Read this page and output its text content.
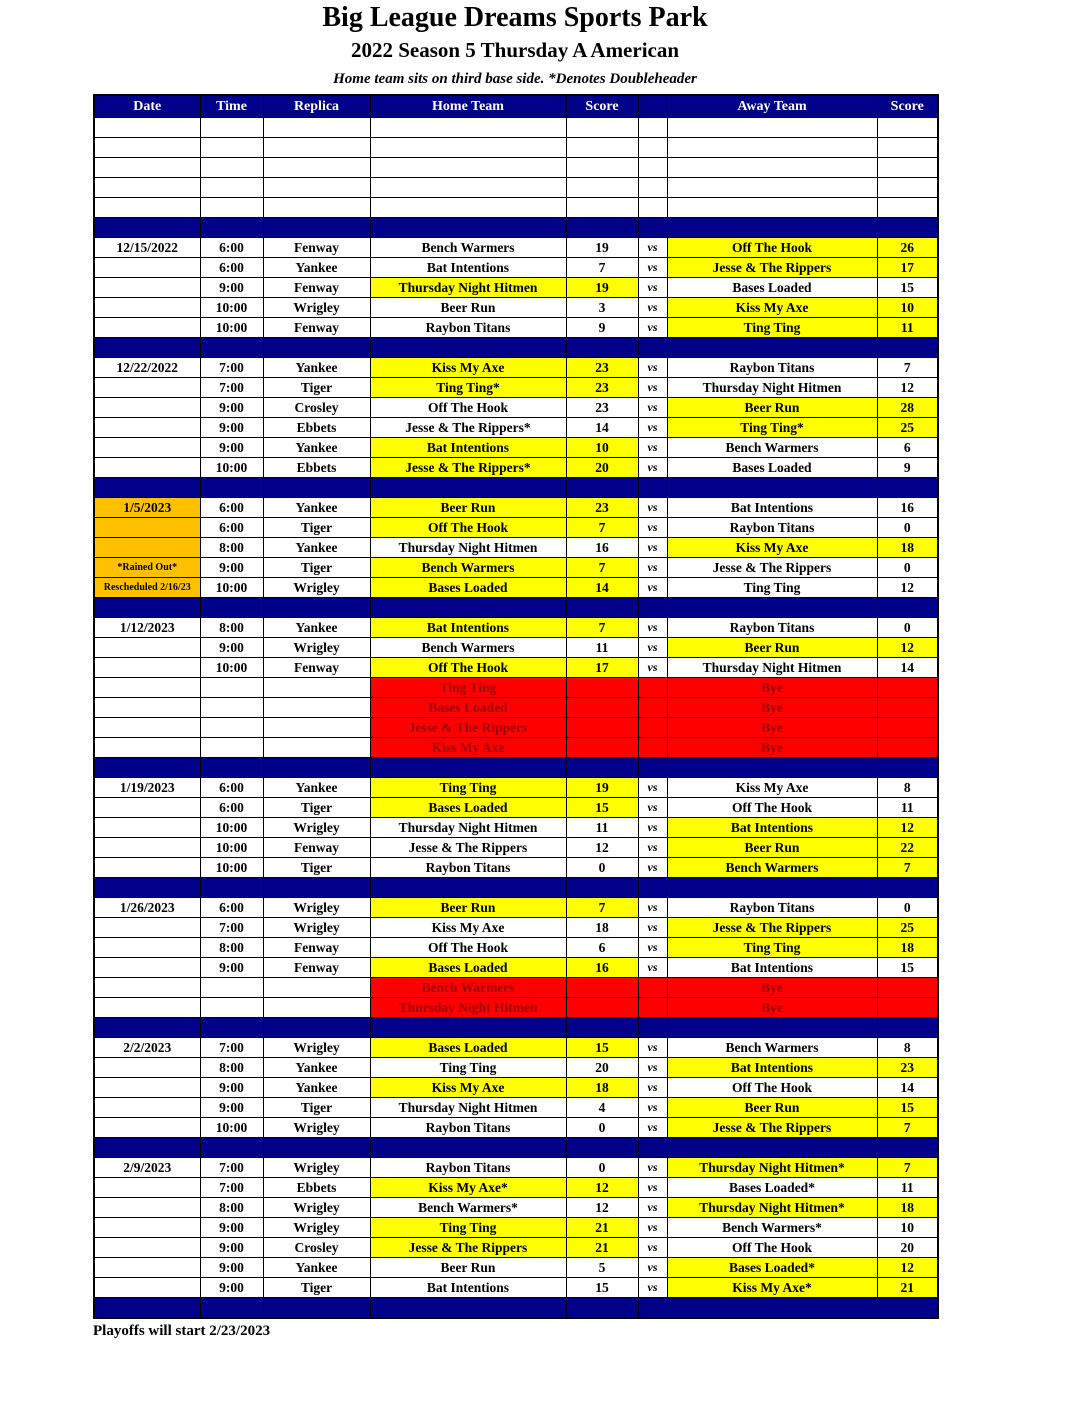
Big League Dreams Sports Park
2022 Season 5 Thursday A American
Home team sits on third base side. *Denotes Doubleheader
Date	Time	Replica	Home Team	Score		Away Team	Score

12/15/2022	6:00	Fenway	Bench Warmers	19	vs	Off The Hook	26
	6:00	Yankee	Bat Intentions	7	vs	Jesse & The Rippers	17
	9:00	Fenway	Thursday Night Hitmen	19	vs	Bases Loaded	15
	10:00	Wrigley	Beer Run	3	vs	Kiss My Axe	10
	10:00	Fenway	Raybon Titans	9	vs	Ting Ting	11

12/22/2022	7:00	Yankee	Kiss My Axe	23	vs	Raybon Titans	7
	7:00	Tiger	Ting Ting*	23	vs	Thursday Night Hitmen	12
	9:00	Crosley	Off The Hook	23	vs	Beer Run	28
	9:00	Ebbets	Jesse & The Rippers*	14	vs	Ting Ting*	25
	9:00	Yankee	Bat Intentions	10	vs	Bench Warmers	6
	10:00	Ebbets	Jesse & The Rippers*	20	vs	Bases Loaded	9

1/5/2023	6:00	Yankee	Beer Run	23	vs	Bat Intentions	16
	6:00	Tiger	Off The Hook	7	vs	Raybon Titans	0
	8:00	Yankee	Thursday Night Hitmen	16	vs	Kiss My Axe	18
*Rained Out*	9:00	Tiger	Bench Warmers	7	vs	Jesse & The Rippers	0
Rescheduled 2/16/23	10:00	Wrigley	Bases Loaded	14	vs	Ting Ting	12

1/12/2023	8:00	Yankee	Bat Intentions	7	vs	Raybon Titans	0
	9:00	Wrigley	Bench Warmers	11	vs	Beer Run	12
	10:00	Fenway	Off The Hook	17	vs	Thursday Night Hitmen	14
			Ting Ting			Bye	
			Bases Loaded			Bye	
			Jesse & The Rippers			Bye	
			Kiss My Axe			Bye	

1/19/2023	6:00	Yankee	Ting Ting	19	vs	Kiss My Axe	8
	6:00	Tiger	Bases Loaded	15	vs	Off The Hook	11
	10:00	Wrigley	Thursday Night Hitmen	11	vs	Bat Intentions	12
	10:00	Fenway	Jesse & The Rippers	12	vs	Beer Run	22
	10:00	Tiger	Raybon Titans	0	vs	Bench Warmers	7

1/26/2023	6:00	Wrigley	Beer Run	7	vs	Raybon Titans	0
	7:00	Wrigley	Kiss My Axe	18	vs	Jesse & The Rippers	25
	8:00	Fenway	Off The Hook	6	vs	Ting Ting	18
	9:00	Fenway	Bases Loaded	16	vs	Bat Intentions	15
			Bench Warmers			Bye	
			Thursday Night Hitmen			Bye	

2/2/2023	7:00	Wrigley	Bases Loaded	15	vs	Bench Warmers	8
	8:00	Yankee	Ting Ting	20	vs	Bat Intentions	23
	9:00	Yankee	Kiss My Axe	18	vs	Off The Hook	14
	9:00	Tiger	Thursday Night Hitmen	4	vs	Beer Run	15
	10:00	Wrigley	Raybon Titans	0	vs	Jesse & The Rippers	7

2/9/2023	7:00	Wrigley	Raybon Titans	0	vs	Thursday Night Hitmen*	7
	7:00	Ebbets	Kiss My Axe*	12	vs	Bases Loaded*	11
	8:00	Wrigley	Bench Warmers*	12	vs	Thursday Night Hitmen*	18
	9:00	Wrigley	Ting Ting	21	vs	Bench Warmers*	10
	9:00	Crosley	Jesse & The Rippers	21	vs	Off The Hook	20
	9:00	Yankee	Beer Run	5	vs	Bases Loaded*	12
	9:00	Tiger	Bat Intentions	15	vs	Kiss My Axe*	21

Playoffs will start 2/23/2023
